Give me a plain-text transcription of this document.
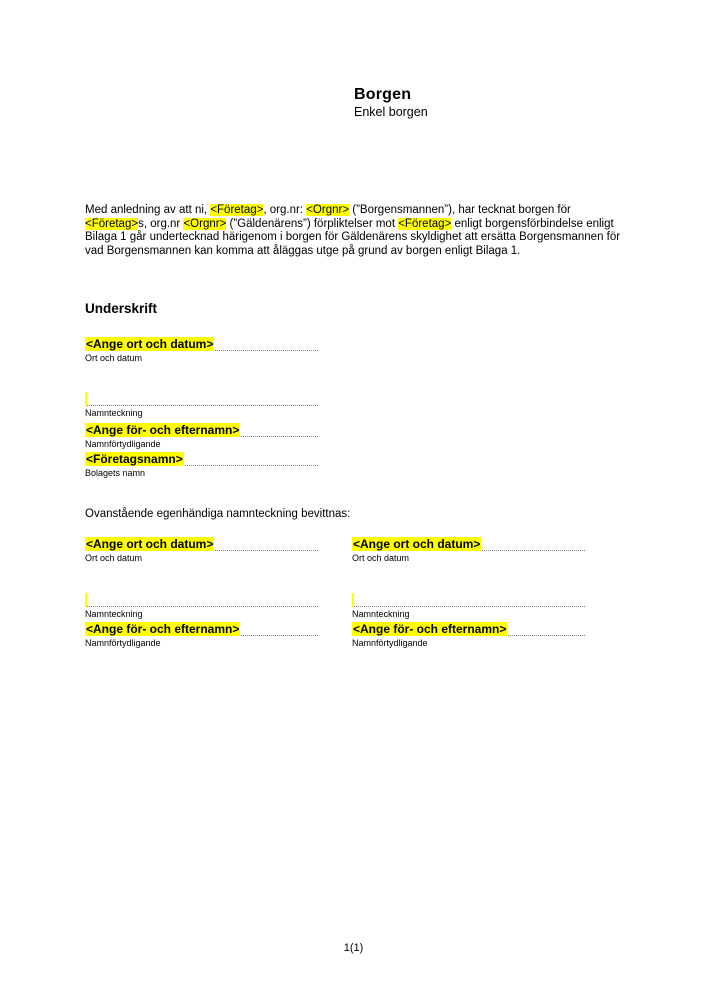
Borgen
Enkel borgen

Med anledning av att ni, <Företag>, org.nr: <Orgnr> (”Borgensmannen”), har tecknat borgen för <Företag>s, org.nr <Orgnr> (”Gäldenärens”) förpliktelser mot <Företag> enligt borgensförbindelse enligt Bilaga 1 går undertecknad härigenom i borgen för Gäldenärens skyldighet att ersätta Borgensmannen för vad Borgensmannen kan komma att åläggas utge på grund av borgen enligt Bilaga 1.

Underskrift
<Ange ort och datum>
Ort och datum
Namnteckning
<Ange för- och efternamn>
Namnförtydligande
<Företagsnamn>
Bolagets namn

Ovanstående egenhändiga namnteckning bevittnas:

<Ange ort och datum>
Ort och datum
Namnteckning
<Ange för- och efternamn>
Namnförtydligande
<Ange ort och datum>
Ort och datum
Namnteckning
<Ange för- och efternamn>
Namnförtydligande
1(1)
